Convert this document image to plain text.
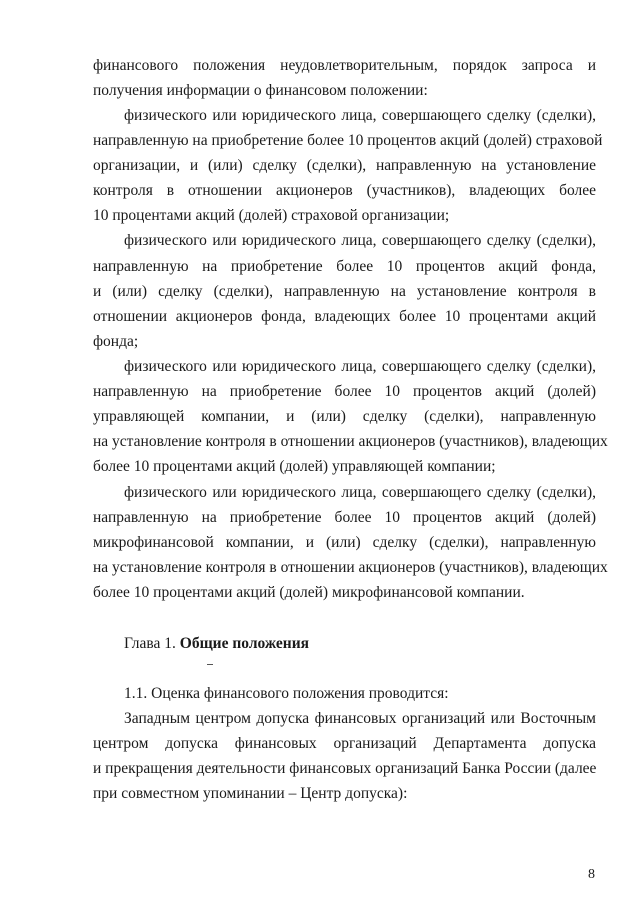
финансового положения неудовлетворительным, порядок запроса и
получения информации о финансовом положении:
физического или юридического лица, совершающего сделку (сделки),
направленную на приобретение более 10 процентов акций (долей) страховой
организации, и (или) сделку (сделки), направленную на установление
контроля в отношении акционеров (участников), владеющих более
10 процентами акций (долей) страховой организации;
физического или юридического лица, совершающего сделку (сделки),
направленную на приобретение более 10 процентов акций фонда,
и (или) сделку (сделки), направленную на установление контроля в
отношении акционеров фонда, владеющих более 10 процентами акций
фонда;
физического или юридического лица, совершающего сделку (сделки),
направленную на приобретение более 10 процентов акций (долей)
управляющей компании, и (или) сделку (сделки), направленную
на установление контроля в отношении акционеров (участников), владеющих
более 10 процентами акций (долей) управляющей компании;
физического или юридического лица, совершающего сделку (сделки),
направленную на приобретение более 10 процентов акций (долей)
микрофинансовой компании, и (или) сделку (сделки), направленную
на установление контроля в отношении акционеров (участников), владеющих
более 10 процентами акций (долей) микрофинансовой компании.
Глава 1. Общие положения
1.1. Оценка финансового положения проводится:
Западным центром допуска финансовых организаций или Восточным
центром допуска финансовых организаций Департамента допуска
и прекращения деятельности финансовых организаций Банка России (далее
при совместном упоминании – Центр допуска):
8
